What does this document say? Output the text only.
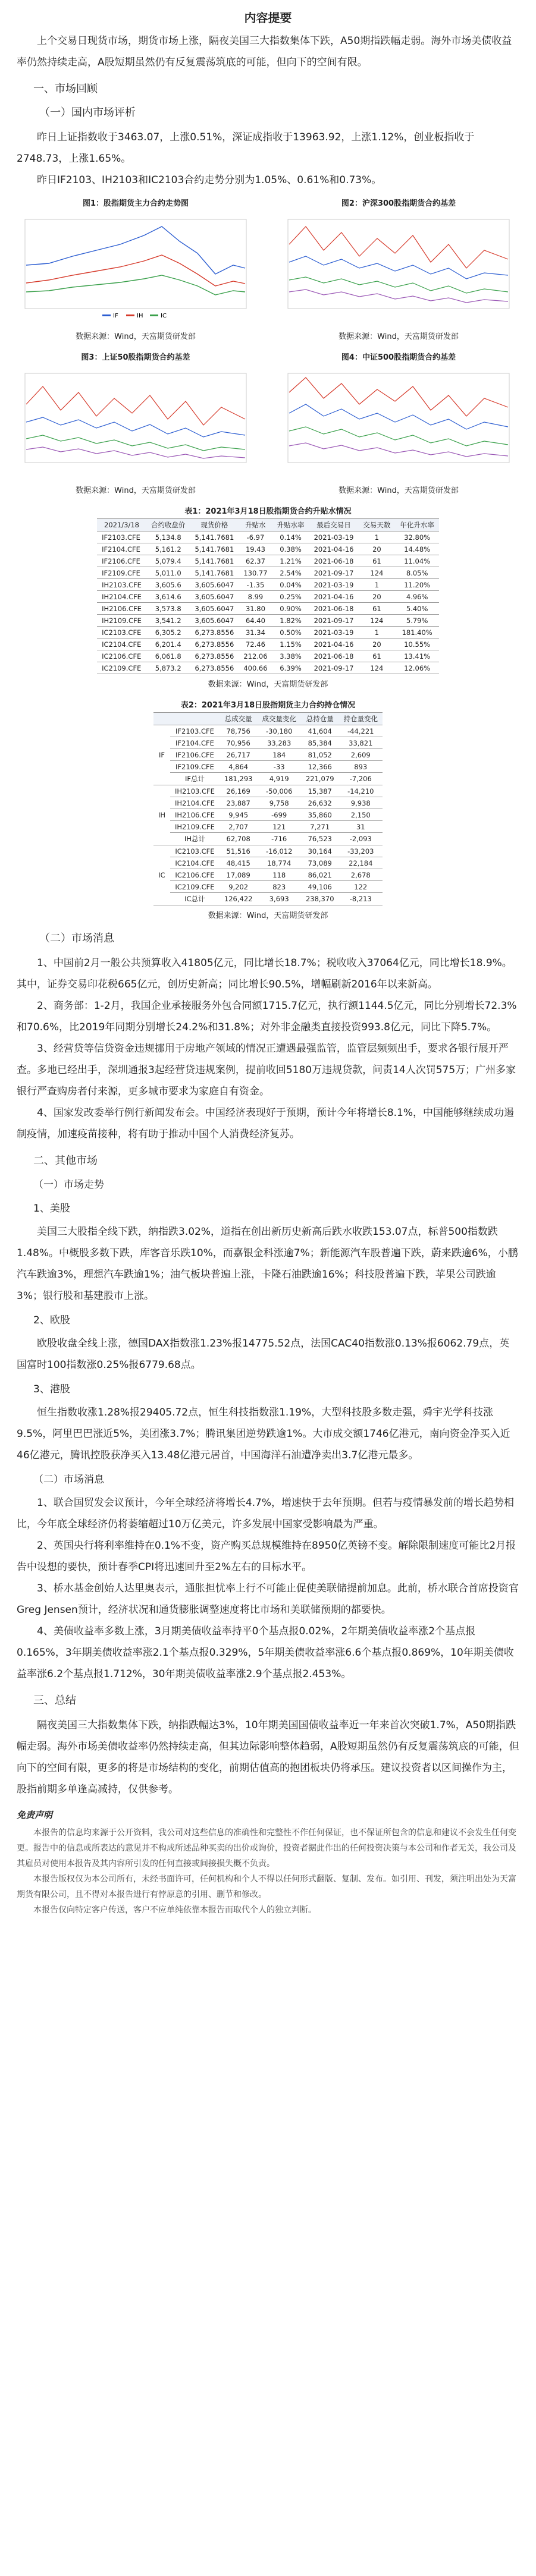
内容提要

上个交易日现货市场，期货市场上涨，隔夜美国三大指数集体下跌，A50期指跌幅走弱。海外市场美债收益率仍然持续走高，A股短期虽然仍有反复震荡筑底的可能，但向下的空间有限。

一、市场回顾
（一）国内市场评析

昨日上证指数收于3463.07，上涨0.51%，深证成指收于13963.92，上涨1.12%，创业板指收于2748.73，上涨1.65%。

昨日IF2103、IH2103和IC2103合约走势分别为1.05%、0.61%和0.73%。

图1：股指期货主力合约走势图
IF	IH	IC
数据来源：Wind，天富期货研发部
图2：沪深300股指期货合约基差
数据来源：Wind，天富期货研发部
图3：上证50股指期货合约基差
数据来源：Wind，天富期货研发部
图4：中证500股指期货合约基差
数据来源：Wind，天富期货研发部
表1：2021年3月18日股指期货合约升贴水情况
2021/3/18	合约收盘价	现货价格	升贴水	升贴水率	最后交易日	交易天数	年化升水率
IF2103.CFE	5,134.8	5,141.7681	-6.97	0.14%	2021-03-19	1	32.80%
IF2104.CFE	5,161.2	5,141.7681	19.43	0.38%	2021-04-16	20	14.48%
IF2106.CFE	5,079.4	5,141.7681	62.37	1.21%	2021-06-18	61	11.04%
IF2109.CFE	5,011.0	5,141.7681	130.77	2.54%	2021-09-17	124	8.05%
IH2103.CFE	3,605.6	3,605.6047	-1.35	0.04%	2021-03-19	1	11.20%
IH2104.CFE	3,614.6	3,605.6047	8.99	0.25%	2021-04-16	20	4.96%
IH2106.CFE	3,573.8	3,605.6047	31.80	0.90%	2021-06-18	61	5.40%
IH2109.CFE	3,541.2	3,605.6047	64.40	1.82%	2021-09-17	124	5.79%
IC2103.CFE	6,305.2	6,273.8556	31.34	0.50%	2021-03-19	1	181.40%
IC2104.CFE	6,201.4	6,273.8556	72.46	1.15%	2021-04-16	20	10.55%
IC2106.CFE	6,061.8	6,273.8556	212.06	3.38%	2021-06-18	61	13.41%
IC2109.CFE	5,873.2	6,273.8556	400.66	6.39%	2021-09-17	124	12.06%
数据来源：Wind，天富期货研发部
表2：2021年3月18日股指期货主力合约持仓情况
		总成交量	成交量变化	总持仓量	持仓量变化
IF	IF2103.CFE	78,756	-30,180	41,604	-44,221
	IF2104.CFE	70,956	33,283	85,384	33,821
	IF2106.CFE	26,717	184	81,052	2,609
	IF2109.CFE	4,864	-33	12,366	893
	IF总计	181,293	4,919	221,079	-7,206
IH	IH2103.CFE	26,169	-50,006	15,387	-14,210
	IH2104.CFE	23,887	9,758	26,632	9,938
	IH2106.CFE	9,945	-699	35,860	2,150
	IH2109.CFE	2,707	121	7,271	31
	IH总计	62,708	-716	76,523	-2,093
IC	IC2103.CFE	51,516	-16,012	30,164	-33,203
	IC2104.CFE	48,415	18,774	73,089	22,184
	IC2106.CFE	17,089	118	86,021	2,678
	IC2109.CFE	9,202	823	49,106	122
	IC总计	126,422	3,693	238,370	-8,213
数据来源：Wind，天富期货研发部
（二）市场消息

1、中国前2月一般公共预算收入41805亿元，同比增长18.7%；税收收入37064亿元，同比增长18.9%。其中，证券交易印花税665亿元，创历史新高；同比增长90.5%，增幅刷新2016年以来新高。

2、商务部：1-2月，我国企业承接服务外包合同额1715.7亿元，执行额1144.5亿元，同比分别增长72.3%和70.6%，比2019年同期分别增长24.2%和31.8%；对外非金融类直接投资993.8亿元，同比下降5.7%。

3、经营贷等信贷资金违规挪用于房地产领域的情况正遭遇最强监管，监管层频频出手，要求各银行展开严查。多地已经出手，深圳通报3起经营贷违规案例，提前收回5180万违规贷款，问责14人次罚575万；广州多家银行严查购房者付来源，更多城市要求为家庭自有资金。

4、国家发改委举行例行新闻发布会。中国经济表现好于预期，预计今年将增长8.1%，中国能够继续成功遏制疫情，加速疫苗接种，将有助于推动中国个人消费经济复苏。

二、其他市场
（一）市场走势
1、美股

美国三大股指全线下跌，纳指跌3.02%，道指在创出新历史新高后跌水收跌153.07点，标普500指数跌1.48%。中概股多数下跌，库客音乐跌10%，而嘉银金科涨逾7%；新能源汽车股普遍下跌，蔚来跌逾6%，小鹏汽车跌逾3%，理想汽车跌逾1%；油气板块普遍上涨，卡隆石油跌逾16%；科技股普遍下跌，苹果公司跌逾3%；银行股和基建股市上涨。

2、欧股

欧股收盘全线上涨，德国DAX指数涨1.23%报14775.52点，法国CAC40指数涨0.13%报6062.79点，英国富时100指数涨0.25%报6779.68点。

3、港股

恒生指数收涨1.28%报29405.72点，恒生科技指数涨1.19%，大型科技股多数走强，舜宇光学科技涨9.5%，阿里巴巴涨近5%，美团涨3.7%；腾讯集团逆势跌逾1%。大市成交额1746亿港元，南向资金净买入近46亿港元，腾讯控股获净买入13.48亿港元居首，中国海洋石油遭净卖出3.7亿港元最多。

（二）市场消息

1、联合国贸发会议预计，今年全球经济将增长4.7%，增速快于去年预期。但若与疫情暴发前的增长趋势相比，今年底全球经济仍将萎缩超过10万亿美元，许多发展中国家受影响最为严重。

2、英国央行将利率维持在0.1%不变，资产购买总规模维持在8950亿英镑不变。解除限制速度可能比2月报告中设想的要快，预计春季CPI将迅速回升至2%左右的目标水平。

3、桥水基金创始人达里奥表示，通胀担忧率上行不可能止促使美联储提前加息。此前，桥水联合首席投资官Greg Jensen预计，经济状况和通货膨胀调整速度将比市场和美联储预期的都要快。

4、美债收益率多数上涨，3月期美债收益率持平0个基点报0.02%，2年期美债收益率涨2个基点报0.165%，3年期美债收益率涨2.1个基点报0.329%，5年期美债收益率涨6.6个基点报0.869%，10年期美债收益率涨6.2个基点报1.712%，30年期美债收益率涨2.9个基点报2.453%。

三、总结

隔夜美国三大指数集体下跌，纳指跌幅达3%，10年期美国国债收益率近一年来首次突破1.7%，A50期指跌幅走弱。海外市场美债收益率仍然持续走高，但其边际影响整体趋弱，A股短期虽然仍有反复震荡筑底的可能，但向下的空间有限，更多的将是市场结构的变化，前期估值高的抱团板块仍将承压。建议投资者以区间操作为主，股指前期多单逢高减持，仅供参考。

免责声明
本报告的信息均来源于公开资料，我公司对这些信息的准确性和完整性不作任何保证，也不保证所包含的信息和建议不会发生任何变更。报告中的信息或所表达的意见并不构成所述品种买卖的出价或询价，投资者据此作出的任何投资决策与本公司和作者无关，我公司及其雇员对使用本报告及其内容所引发的任何直接或间接损失概不负责。
本报告版权仅为本公司所有，未经书面许可，任何机构和个人不得以任何形式翻版、复制、发布。如引用、刊发，须注明出处为天富期货有限公司，且不得对本报告进行有悖原意的引用、删节和修改。
本报告仅向特定客户传送，客户不应单纯依靠本报告而取代个人的独立判断。
